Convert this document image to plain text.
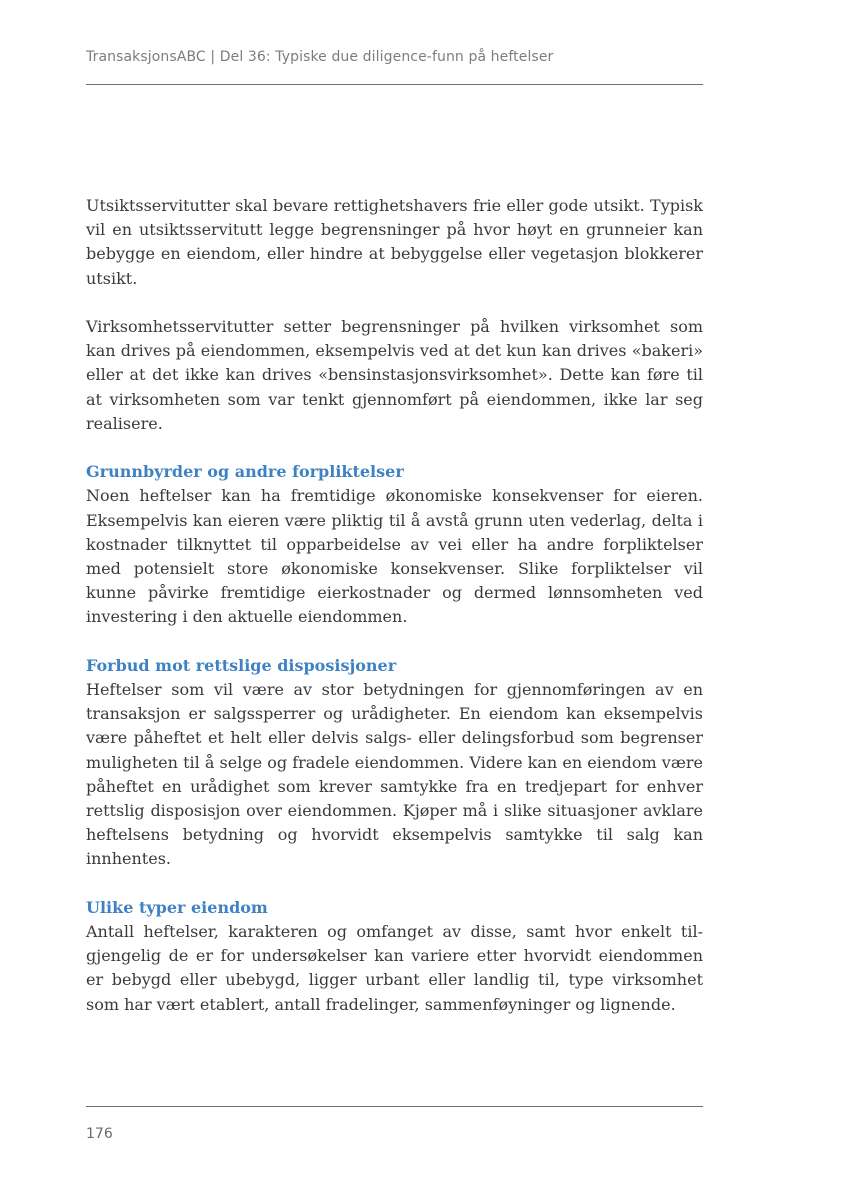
TransaksjonsABC | Del 36: Typiske due diligence-funn på heftelser

Utsiktsservitutter skal bevare rettighetshavers frie eller gode utsikt. Typisk vil en utsiktsservitutt legge begrensninger på hvor høyt en grunneier kan bebygge en eiendom, eller hindre at bebyggelse eller vegetasjon blokkerer utsikt.

Virksomhetsservitutter setter begrensninger på hvilken virksomhet som kan drives på eiendommen, eksempelvis ved at det kun kan drives «bakeri» eller at det ikke kan drives «bensinstasjonsvirksomhet». Dette kan føre til at virksomheten som var tenkt gjennomført på eiendommen, ikke lar seg realisere.

Grunnbyrder og andre forpliktelser

Noen heftelser kan ha fremtidige økonomiske konsekvenser for eieren. Eksempelvis kan eieren være pliktig til å avstå grunn uten vederlag, delta i kostnader tilknyttet til opparbeidelse av vei eller ha andre forpliktelser med potensielt store økonomiske konsekvenser. Slike forpliktelser vil kunne påvirke fremtidige eierkostnader og dermed lønnsomheten ved investering i den aktuelle eiendommen.

Forbud mot rettslige disposisjoner

Heftelser som vil være av stor betydningen for gjennomføringen av en transaksjon er salgssperrer og urådigheter. En eiendom kan eksempelvis være påheftet et helt eller delvis salgs- eller delingsforbud som begrenser muligheten til å selge og fradele eiendommen. Videre kan en eiendom være påheftet en urådighet som krever samtykke fra en tredjepart for enhver rettslig disposisjon over eiendommen. Kjøper må i slike situasjoner avklare heftelsens betydning og hvorvidt eksempelvis samtykke til salg kan innhentes.

Ulike typer eiendom

Antall heftelser, karakteren og omfanget av disse, samt hvor enkelt tilgjengelig de er for undersøkelser kan variere etter hvorvidt eiendommen er bebygd eller ubebygd, ligger urbant eller landlig til, type virksomhet som har vært etablert, antall fradelinger, sammenføyninger og lignende.

176
